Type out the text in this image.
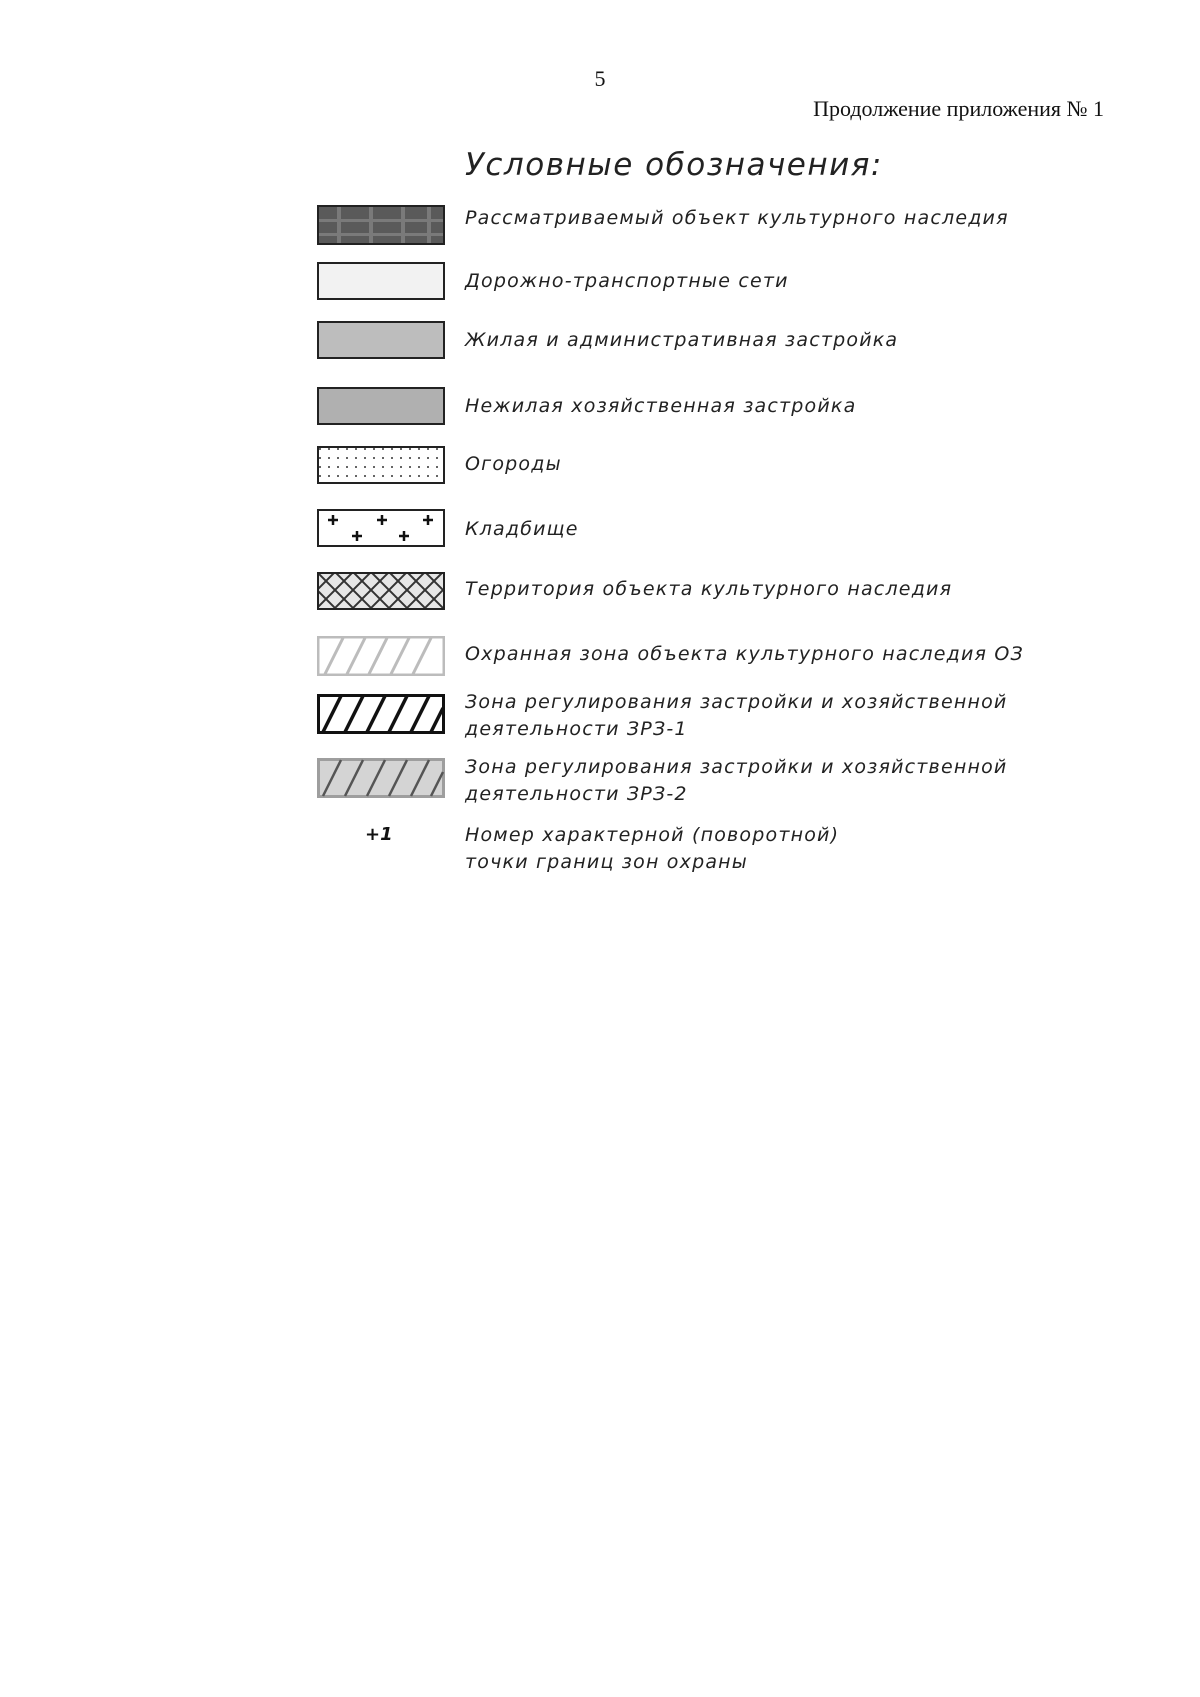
5
Продолжение приложения № 1
Условные обозначения:
Рассматриваемый объект культурного наследия
Дорожно-транспортные сети
Жилая и административная застройка
Нежилая хозяйственная застройка
Огороды
Кладбище
Территория объекта культурного наследия
Охранная зона объекта культурного наследия ОЗ
Зона регулирования застройки и хозяйственной
деятельности ЗРЗ-1
Зона регулирования застройки и хозяйственной
деятельности ЗРЗ-2
+1	Номер характерной (поворотной)
точки границ зон охраны
